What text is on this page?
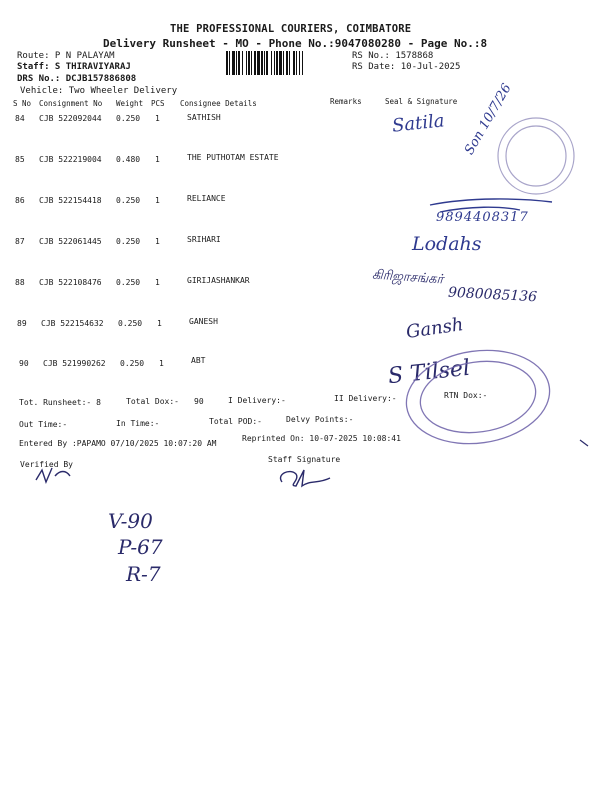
THE PROFESSIONAL COURIERS, COIMBATORE
Delivery Runsheet - MO - Phone No.:9047080280 - Page No.:8
Route: P N PALAYAM
Staff: S THIRAVIYARAJ
DRS No.: DCJB157886808
Vehicle: Two Wheeler Delivery
RS No.: 1578868
RS Date: 10-Jul-2025
S No Consignment No Weight PCS Consignee Details	Remarks	Seal & Signature
84 CJB 522092044 0.250 1	SATHISH
85 CJB 522219004 0.480 1	THE PUTHOTAM ESTATE
86 CJB 522154418 0.250 1	RELIANCE
87 CJB 522061445 0.250 1	SRIHARI
88 CJB 522108476 0.250 1	GIRIJASHANKAR
89 CJB 522154632 0.250 1	GANESH
90 CJB 521990262 0.250 1	ABT
Tot. Runsheet:- 8	Total Dox:- 90	I Delivery:-	II Delivery:-	RTN Dox:-
Out Time:-	In Time:-	Total POD:-	Delvy Points:-
Entered By :PAPAMO 07/10/2025 10:07:20 AM
Reprinted On: 10-07-2025 10:08:41
Verified By
Staff Signature
Satila Son 10/7/26
9894408317
Lodahs
கிரிஜாசங்கர்
9080085136
Gansh
S Tilsel
V-90
P-67
R-7
